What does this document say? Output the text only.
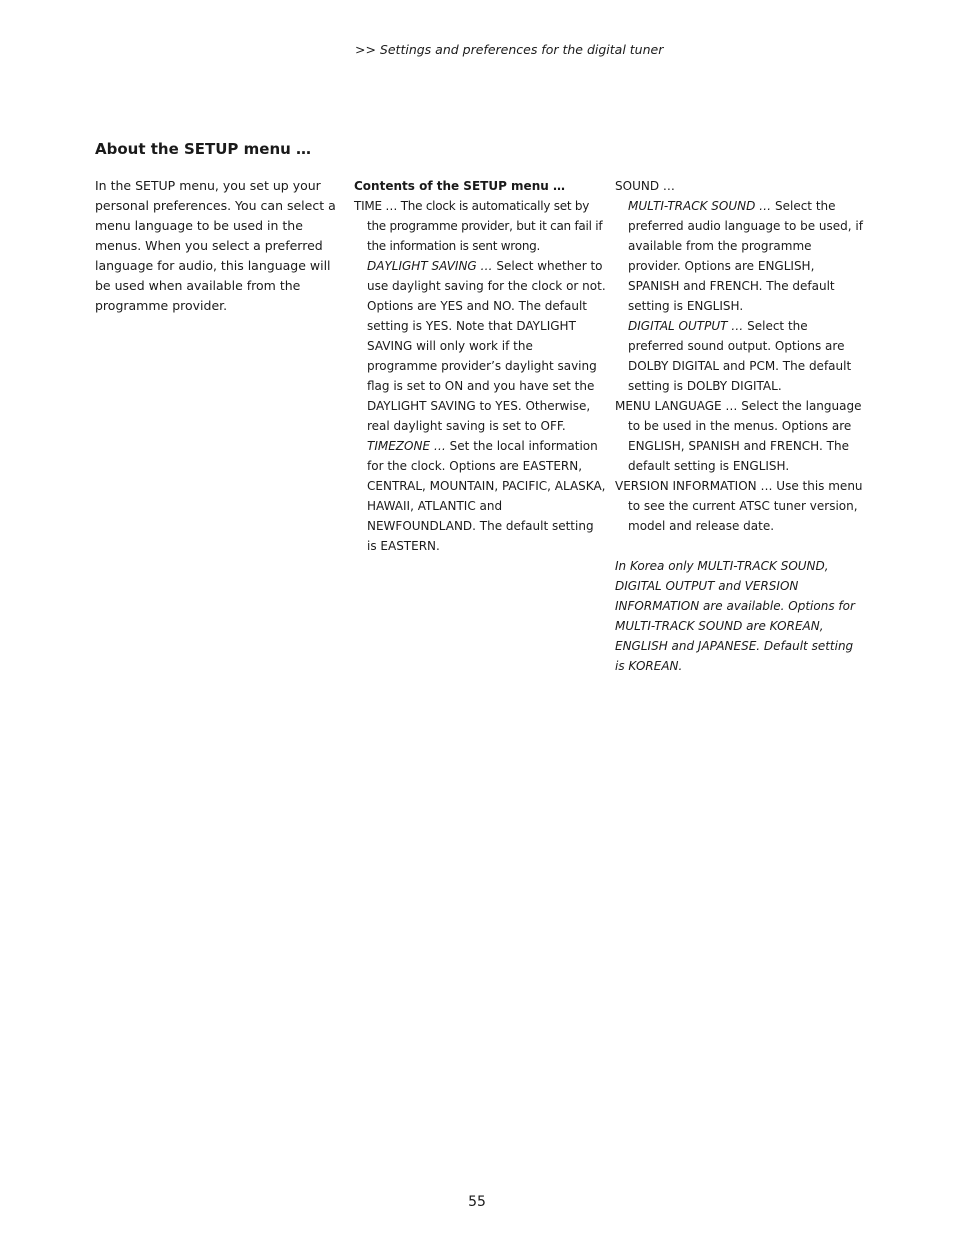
>> Settings and preferences for the digital tuner
About the SETUP menu …

In the SETUP menu, you set up your personal preferences. You can select a menu language to be used in the menus. When you select a preferred language for audio, this language will be used when available from the programme provider.

Contents of the SETUP menu …
TIME … The clock is automatically set by the programme provider, but it can fail if the information is sent wrong.
DAYLIGHT SAVING … Select whether to use daylight saving for the clock or not. Options are YES and NO. The default setting is YES. Note that DAYLIGHT SAVING will only work if the programme provider’s daylight saving flag is set to ON and you have set the DAYLIGHT SAVING to YES. Otherwise, real daylight saving is set to OFF.
TIMEZONE … Set the local information for the clock. Options are EASTERN, CENTRAL, MOUNTAIN, PACIFIC, ALASKA, HAWAII, ATLANTIC and NEWFOUNDLAND. The default setting is EASTERN.
SOUND …
MULTI-TRACK SOUND … Select the preferred audio language to be used, if available from the programme provider. Options are ENGLISH, SPANISH and FRENCH. The default setting is ENGLISH.
DIGITAL OUTPUT … Select the preferred sound output. Options are DOLBY DIGITAL and PCM. The default setting is DOLBY DIGITAL.
MENU LANGUAGE … Select the language to be used in the menus. Options are ENGLISH, SPANISH and FRENCH. The default setting is ENGLISH.
VERSION INFORMATION … Use this menu to see the current ATSC tuner version, model and release date.

In Korea only MULTI-TRACK SOUND, DIGITAL OUTPUT and VERSION INFORMATION are available. Options for MULTI-TRACK SOUND are KOREAN, ENGLISH and JAPANESE. Default setting is KOREAN.

55
